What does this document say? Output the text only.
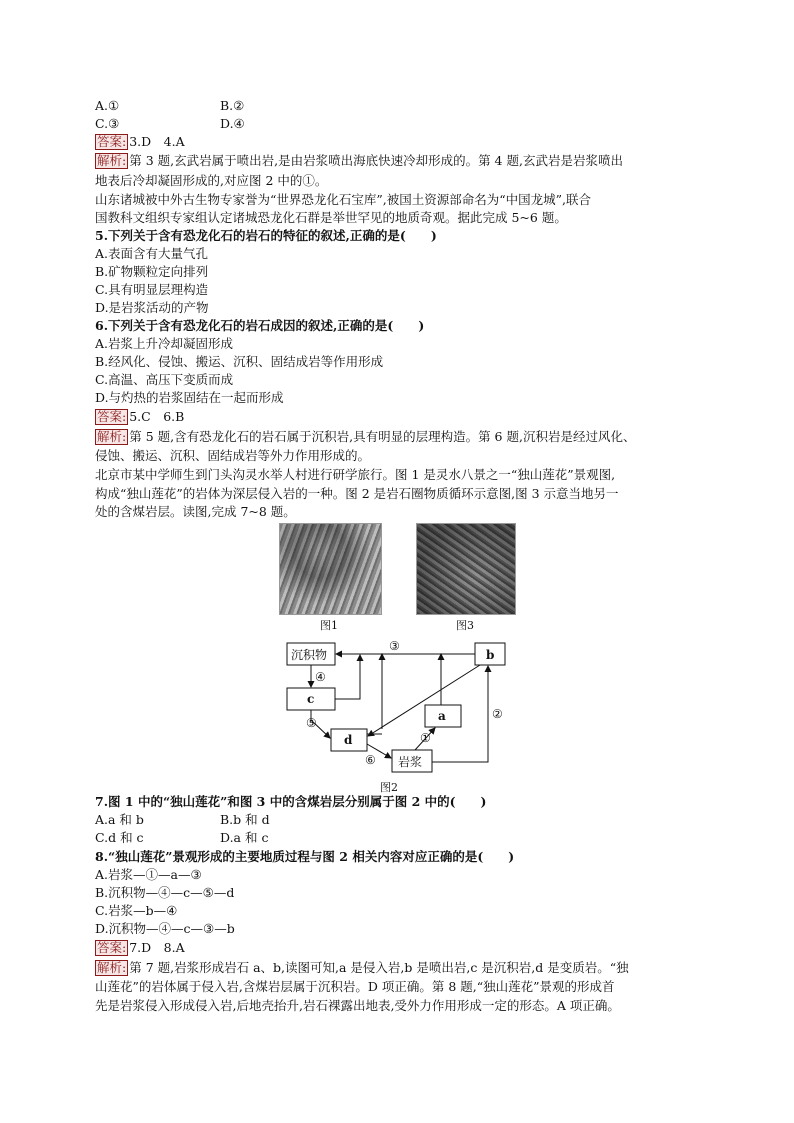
A.①	B.②
C.③	D.④
答案: 3.D　4.A
解析: 第 3 题,玄武岩属于喷出岩,是由岩浆喷出海底快速冷却形成的。第 4 题,玄武岩是岩浆喷出
地表后冷却凝固形成的,对应图 2 中的①。
山东诸城被中外古生物专家誉为“世界恐龙化石宝库”,被国土资源部命名为“中国龙城”,联合
国教科文组织专家组认定诸城恐龙化石群是举世罕见的地质奇观。据此完成 5~6 题。
5.下列关于含有恐龙化石的岩石的特征的叙述,正确的是(　　)
A.表面含有大量气孔
B.矿物颗粒定向排列
C.具有明显层理构造
D.是岩浆活动的产物
6.下列关于含有恐龙化石的岩石成因的叙述,正确的是(　　)
A.岩浆上升冷却凝固形成
B.经风化、侵蚀、搬运、沉积、固结成岩等作用形成
C.高温、高压下变质而成
D.与灼热的岩浆固结在一起而形成
答案: 5.C　6.B
解析: 第 5 题,含有恐龙化石的岩石属于沉积岩,具有明显的层理构造。第 6 题,沉积岩是经过风化、
侵蚀、搬运、沉积、固结成岩等外力作用形成的。
北京市某中学师生到门头沟灵水举人村进行研学旅行。图 1 是灵水八景之一“独山莲花”景观图,
构成“独山莲花”的岩体为深层侵入岩的一种。图 2 是岩石圈物质循环示意图,图 3 示意当地另一
处的含煤岩层。读图,完成 7~8 题。
图1	图3
沉积物	b
c
a
d
岩浆
③
④
⑤
⑥
①
②
图2
7.图 1 中的“独山莲花”和图 3 中的含煤岩层分别属于图 2 中的(　　)
A.a 和 b	B.b 和 d
C.d 和 c	D.a 和 c
8.“独山莲花”景观形成的主要地质过程与图 2 相关内容对应正确的是(　　)
A.岩浆—①—a—③
B.沉积物—④—c—⑤—d
C.岩浆—b—④
D.沉积物—④—c—③—b
答案: 7.D　8.A
解析: 第 7 题,岩浆形成岩石 a、b,读图可知,a 是侵入岩,b 是喷出岩,c 是沉积岩,d 是变质岩。“独
山莲花”的岩体属于侵入岩,含煤岩层属于沉积岩。D 项正确。第 8 题,“独山莲花”景观的形成首
先是岩浆侵入形成侵入岩,后地壳抬升,岩石裸露出地表,受外力作用形成一定的形态。A 项正确。
